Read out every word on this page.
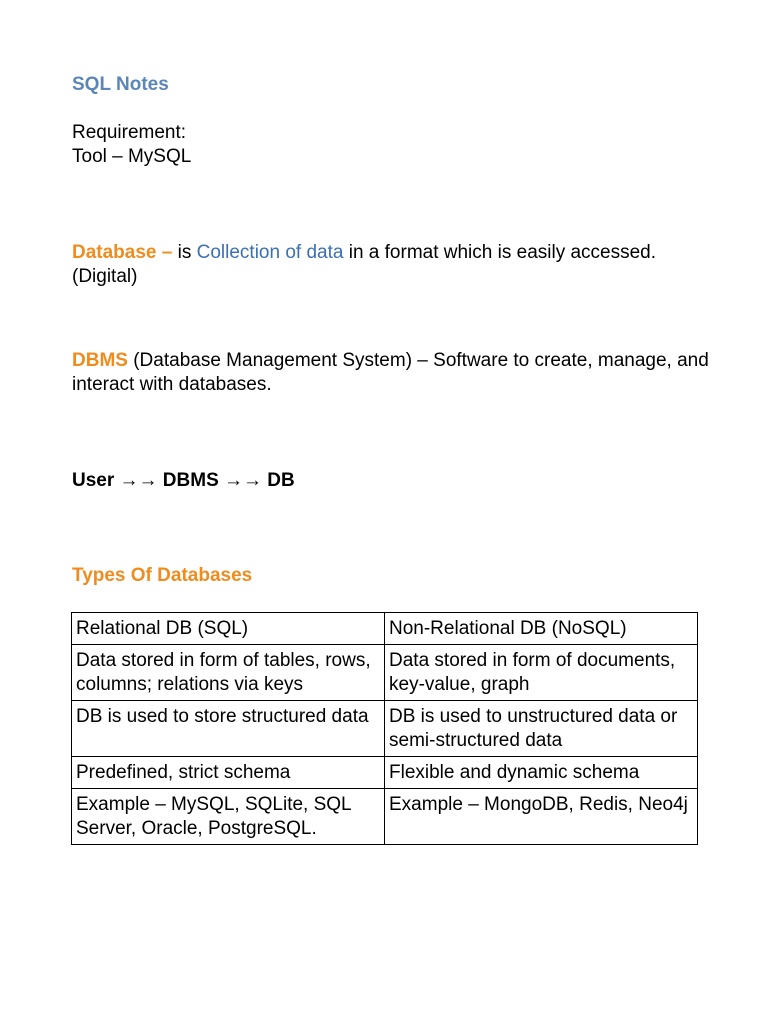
SQL Notes
Requirement:
Tool – MySQL
Database – is Collection of data in a format which is easily accessed. (Digital)
DBMS (Database Management System) – Software to create, manage, and interact with databases.
User →→ DBMS →→ DB
Types Of Databases
Relational DB (SQL)	Non-Relational DB (NoSQL)
Data stored in form of tables, rows, columns; relations via keys	Data stored in form of documents, key-value, graph
DB is used to store structured data	DB is used to unstructured data or semi-structured data
Predefined, strict schema	Flexible and dynamic schema
Example – MySQL, SQLite, SQL Server, Oracle, PostgreSQL.	Example – MongoDB, Redis, Neo4j
